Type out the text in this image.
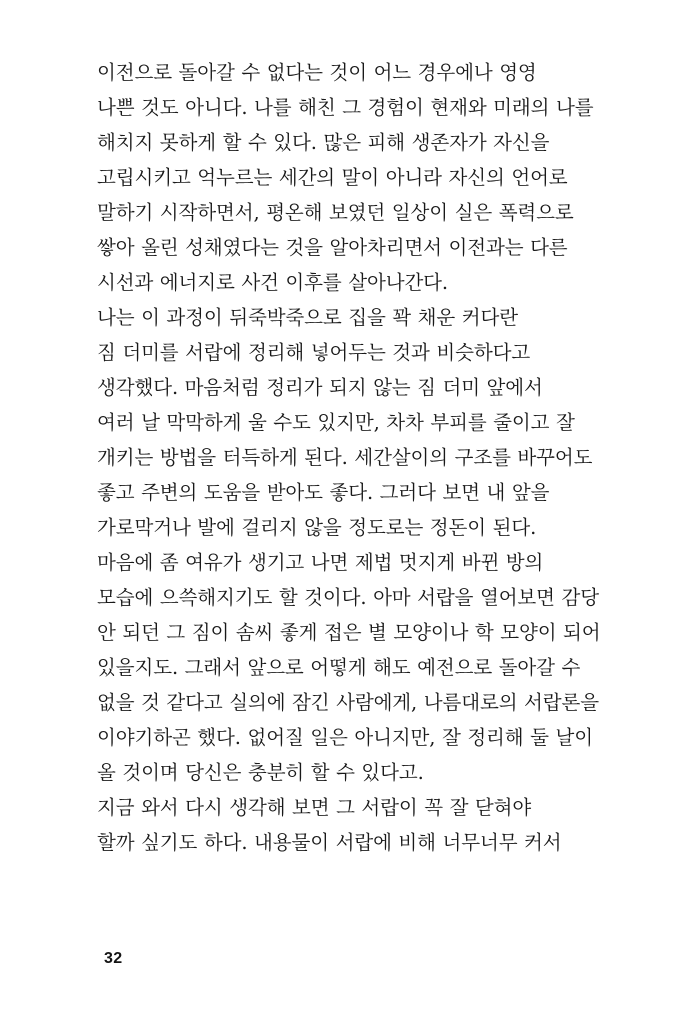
이전으로 돌아갈 수 없다는 것이 어느 경우에나 영영
나쁜 것도 아니다. 나를 해친 그 경험이 현재와 미래의 나를
해치지 못하게 할 수 있다. 많은 피해 생존자가 자신을
고립시키고 억누르는 세간의 말이 아니라 자신의 언어로
말하기 시작하면서, 평온해 보였던 일상이 실은 폭력으로
쌓아 올린 성채였다는 것을 알아차리면서 이전과는 다른
시선과 에너지로 사건 이후를 살아나간다.
나는 이 과정이 뒤죽박죽으로 집을 꽉 채운 커다란
짐 더미를 서랍에 정리해 넣어두는 것과 비슷하다고
생각했다. 마음처럼 정리가 되지 않는 짐 더미 앞에서
여러 날 막막하게 울 수도 있지만, 차차 부피를 줄이고 잘
개키는 방법을 터득하게 된다. 세간살이의 구조를 바꾸어도
좋고 주변의 도움을 받아도 좋다. 그러다 보면 내 앞을
가로막거나 발에 걸리지 않을 정도로는 정돈이 된다.
마음에 좀 여유가 생기고 나면 제법 멋지게 바뀐 방의
모습에 으쓱해지기도 할 것이다. 아마 서랍을 열어보면 감당
안 되던 그 짐이 솜씨 좋게 접은 별 모양이나 학 모양이 되어
있을지도. 그래서 앞으로 어떻게 해도 예전으로 돌아갈 수
없을 것 같다고 실의에 잠긴 사람에게, 나름대로의 서랍론을
이야기하곤 했다. 없어질 일은 아니지만, 잘 정리해 둘 날이
올 것이며 당신은 충분히 할 수 있다고.
지금 와서 다시 생각해 보면 그 서랍이 꼭 잘 닫혀야
할까 싶기도 하다. 내용물이 서랍에 비해 너무너무 커서
32
